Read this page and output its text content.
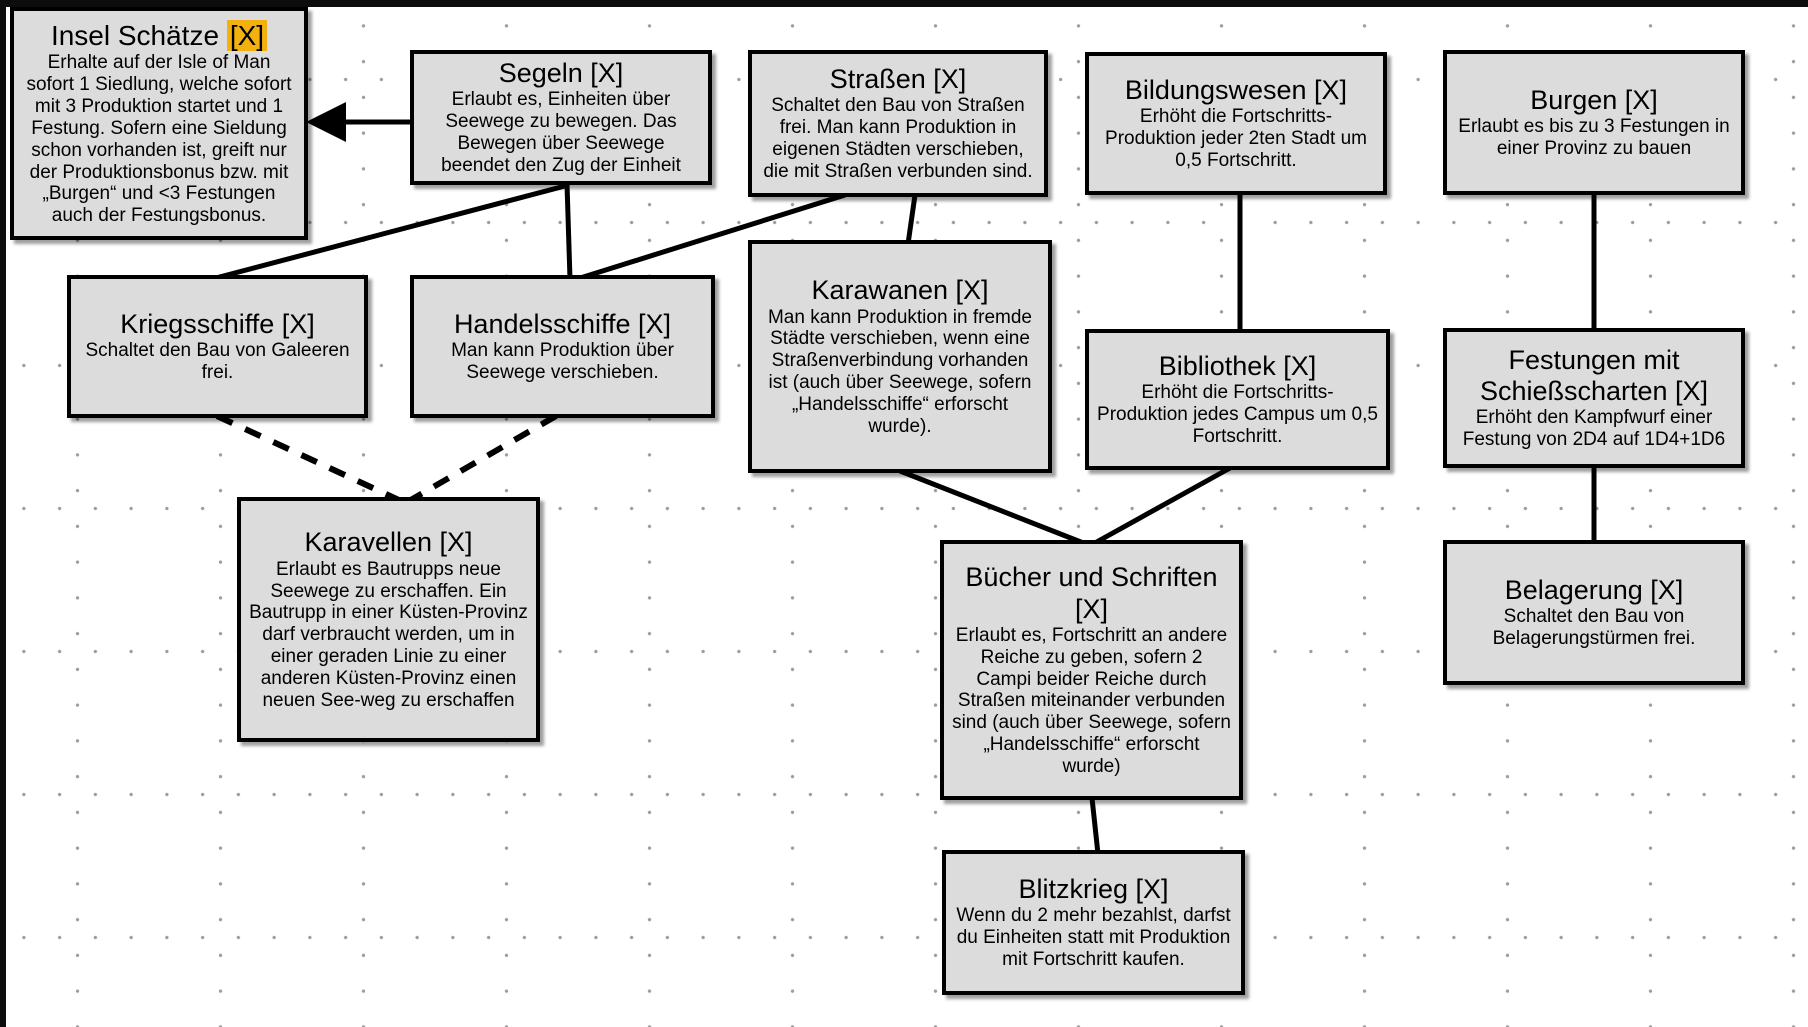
Insel Schätze [X]
Erhalte auf der Isle of Man sofort 1 Siedlung, welche sofort mit 3 Produktion startet und 1 Festung. Sofern eine Sieldung schon vorhanden ist, greift nur der Produktionsbonus bzw. mit „Burgen“ und <3 Festungen auch der Festungsbonus.
Segeln [X]
Erlaubt es, Einheiten über Seewege zu bewegen. Das Bewegen über Seewege beendet den Zug der Einheit
Straßen [X]
Schaltet den Bau von Straßen frei. Man kann Produktion in eigenen Städten verschieben, die mit Straßen verbunden sind.
Bildungswesen [X]
Erhöht die Fortschritts-Produktion jeder 2ten Stadt um 0,5 Fortschritt.
Burgen [X]
Erlaubt es bis zu 3 Festungen in einer Provinz zu bauen
Kriegsschiffe [X]
Schaltet den Bau von Galeeren frei.
Handelsschiffe [X]
Man kann Produktion über Seewege verschieben.
Karawanen [X]
Man kann Produktion in fremde Städte verschieben, wenn eine Straßenverbindung vorhanden ist (auch über Seewege, sofern „Handelsschiffe“ erforscht wurde).
Bibliothek [X]
Erhöht die Fortschritts-Produktion jedes Campus um 0,5 Fortschritt.
Festungen mit Schießscharten [X]
Erhöht den Kampfwurf einer Festung von 2D4 auf 1D4+1D6
Karavellen [X]
Erlaubt es Bautrupps neue Seewege zu erschaffen. Ein Bautrupp in einer Küsten-Provinz darf verbraucht werden, um in einer geraden Linie zu einer anderen Küsten-Provinz einen neuen See-weg zu erschaffen
Bücher und Schriften [X]
Erlaubt es, Fortschritt an andere Reiche zu geben, sofern 2 Campi beider Reiche durch Straßen miteinander verbunden sind (auch über Seewege, sofern „Handelsschiffe“ erforscht wurde)
Belagerung [X]
Schaltet den Bau von Belagerungstürmen frei.
Blitzkrieg [X]
Wenn du 2 mehr bezahlst, darfst du Einheiten statt mit Produktion mit Fortschritt kaufen.
